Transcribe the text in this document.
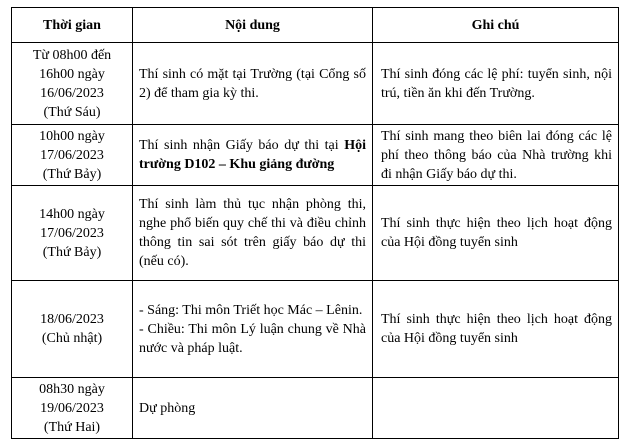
Thời gian	Nội dung	Ghi chú

Từ 08h00 đến
16h00 ngày
16/06/2023
(Thứ Sáu)	Thí sinh có mặt tại Trường (tại Cổng số 2) để tham gia kỳ thi.	Thí sinh đóng các lệ phí: tuyển sinh, nội trú, tiền ăn khi đến Trường.

10h00 ngày
17/06/2023
(Thứ Bảy)	Thí sinh nhận Giấy báo dự thi tại Hội trường D102 – Khu giảng đường	Thí sinh mang theo biên lai đóng các lệ phí theo thông báo của Nhà trường khi đi nhận Giấy báo dự thi.

14h00 ngày
17/06/2023
(Thứ Bảy)	Thí sinh làm thủ tục nhận phòng thi, nghe phổ biến quy chế thi và điều chỉnh thông tin sai sót trên giấy báo dự thi (nếu có).	Thí sinh thực hiện theo lịch hoạt động của Hội đồng tuyển sinh

18/06/2023
(Chủ nhật)	- Sáng: Thi môn Triết học Mác – Lênin.
- Chiều: Thi môn Lý luận chung về Nhà nước và pháp luật.	Thí sinh thực hiện theo lịch hoạt động của Hội đồng tuyển sinh

08h30 ngày
19/06/2023
(Thứ Hai)	Dự phòng	
